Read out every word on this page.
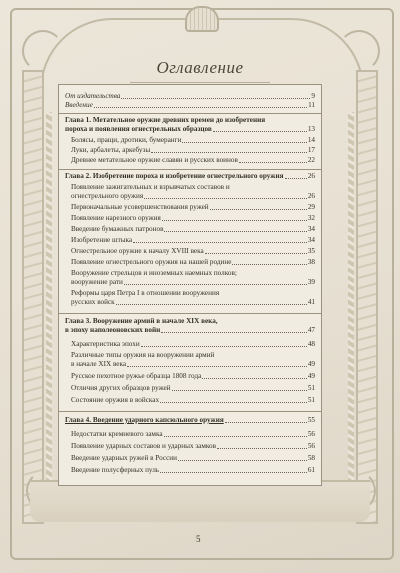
Оглавление
От издательства	9
Введение	11
Глава 1. Метательное оружие древних времен до изобретения
пороха и появления огнестрельных образцов	13
Болясы, пращи, дротики, бумеранги	14
Луки, арбалеты, аркебузы	17
Древнее метательное оружие славян и русских воинов	22
Глава 2. Изобретение пороха и изобретение огнестрельного оружия	26
Появление зажигательных и взрывчатых составов и
огнестрельного оружия	26
Первоначальные усовершенствования ружей	29
Появление нарезного оружия	32
Введение бумажных патронов	34
Изобретение штыка	34
Огнестрельное оружие к началу XVIII века	35
Появление огнестрельного оружия на нашей родине	38
Вооружение стрельцов и иноземных наемных полков;
вооружение рати	39
Реформы царя Петра I в отношении вооружения
русских войск	41
Глава 3. Вооружение армий в начале XIX века,
в эпоху наполеоновских войн	47
Характеристика эпохи	48
Различные типы оружия на вооружении армий
в начале XIX века	49
Русское пехотное ружье образца 1808 года	49
Отличия других образцов ружей	51
Состояние оружия в войсках	51
Глава 4. Введение ударного капсюльного оружия	55
Недостатки кремневого замка	56
Появление ударных составов и ударных замков	56
Введение ударных ружей в России	58
Введение полусферных пуль	61
5
